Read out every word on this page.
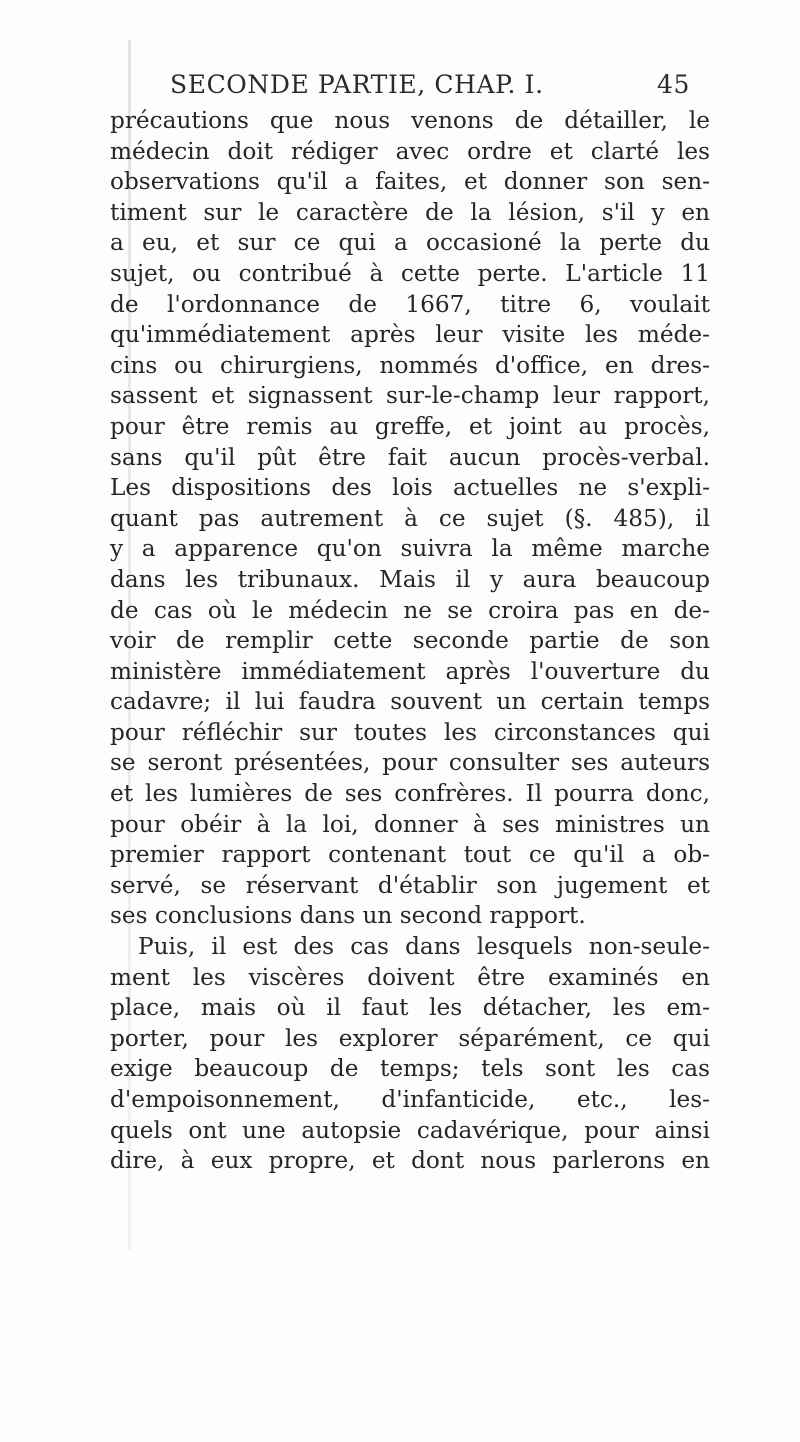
SECONDE PARTIE, CHAP. I.	45
précautions que nous venons de détailler, le
médecin doit rédiger avec ordre et clarté les
observations qu'il a faites, et donner son sen-
timent sur le caractère de la lésion, s'il y en
a eu, et sur ce qui a occasioné la perte du
sujet, ou contribué à cette perte. L'article 11
de l'ordonnance de 1667, titre 6, voulait
qu'immédiatement après leur visite les méde-
cins ou chirurgiens, nommés d'office, en dres-
sassent et signassent sur-le-champ leur rapport,
pour être remis au greffe, et joint au procès,
sans qu'il pût être fait aucun procès-verbal.
Les dispositions des lois actuelles ne s'expli-
quant pas autrement à ce sujet (§. 485), il
y a apparence qu'on suivra la même marche
dans les tribunaux. Mais il y aura beaucoup
de cas où le médecin ne se croira pas en de-
voir de remplir cette seconde partie de son
ministère immédiatement après l'ouverture du
cadavre; il lui faudra souvent un certain temps
pour réfléchir sur toutes les circonstances qui
se seront présentées, pour consulter ses auteurs
et les lumières de ses confrères. Il pourra donc,
pour obéir à la loi, donner à ses ministres un
premier rapport contenant tout ce qu'il a ob-
servé, se réservant d'établir son jugement et
ses conclusions dans un second rapport.
Puis, il est des cas dans lesquels non-seule-
ment les viscères doivent être examinés en
place, mais où il faut les détacher, les em-
porter, pour les explorer séparément, ce qui
exige beaucoup de temps; tels sont les cas
d'empoisonnement, d'infanticide, etc., les-
quels ont une autopsie cadavérique, pour ainsi
dire, à eux propre, et dont nous parlerons en
